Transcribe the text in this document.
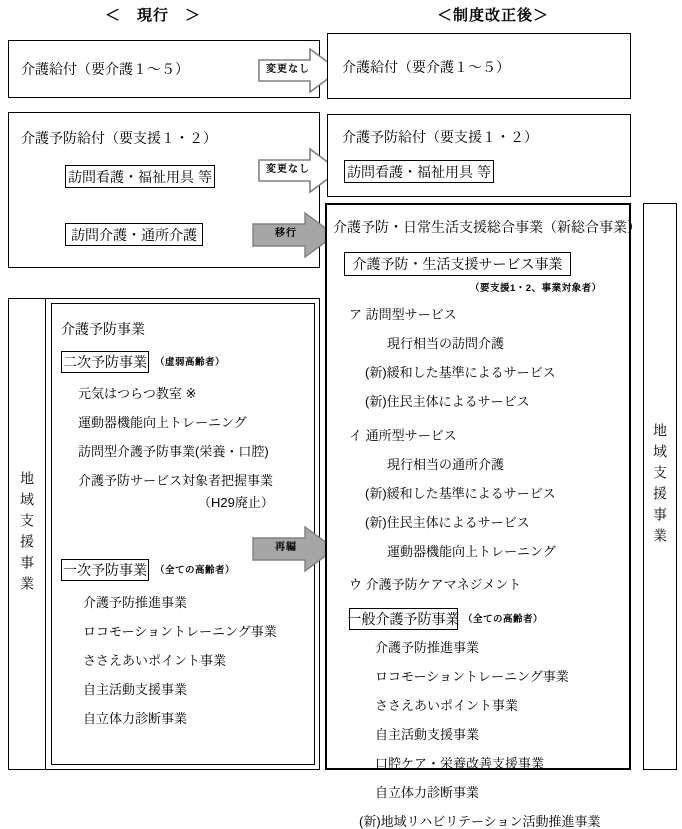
＜　現行　＞	＜制度改正後＞
介護給付（要介護１～５）
介護予防給付（要支援１・２）
訪問看護・福祉用具 等
訪問介護・通所介護
地域支援事業
介護予防事業
二次予防事業 （虚弱高齢者）
元気はつらつ教室 ※
運動器機能向上トレーニング
訪問型介護予防事業(栄養・口腔)
介護予防サービス対象者把握事業
（H29廃止）
一次予防事業 （全ての高齢者）
介護予防推進事業
ロコモーショントレーニング事業
ささえあいポイント事業
自主活動支援事業
自立体力診断事業
変更なし
変更なし
移行
再編
介護給付（要介護１～５）
介護予防給付（要支援１・２）
訪問看護・福祉用具 等
介護予防・日常生活支援総合事業（新総合事業）
介護予防・生活支援サービス事業
（要支援1・2、事業対象者）
ア 訪問型サービス
現行相当の訪問介護
(新)緩和した基準によるサービス
(新)住民主体によるサービス
イ 通所型サービス
現行相当の通所介護
(新)緩和した基準によるサービス
(新)住民主体によるサービス
運動器機能向上トレーニング
ウ 介護予防ケアマネジメント
一般介護予防事業 （全ての高齢者）
介護予防推進事業
ロコモーショントレーニング事業
ささえあいポイント事業
自主活動支援事業
口腔ケア・栄養改善支援事業
自立体力診断事業
(新)地域リハビリテーション活動推進事業
地域支援事業
